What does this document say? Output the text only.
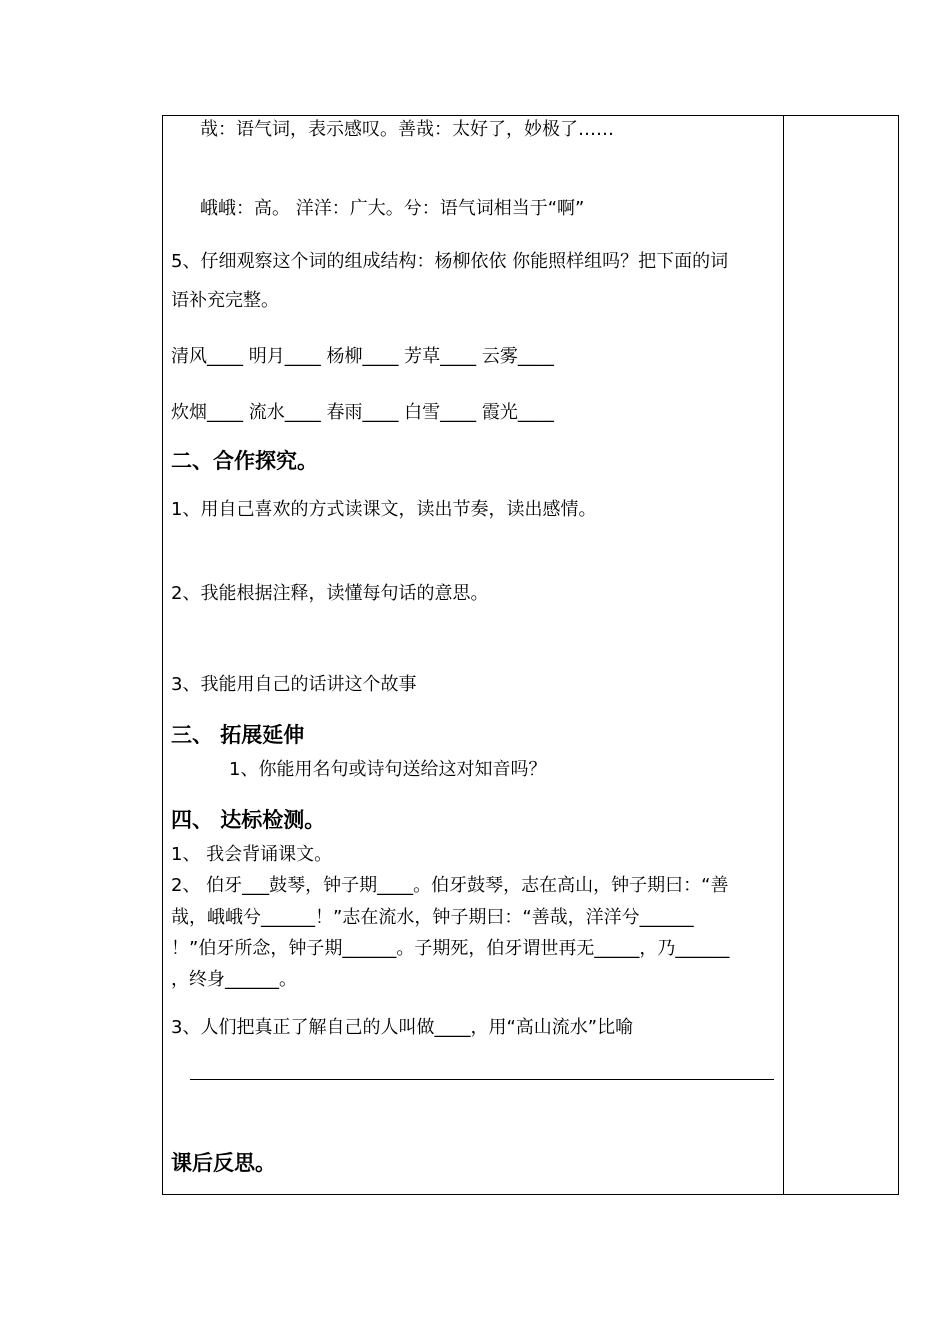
哉：语气词，表示感叹。善哉：太好了，妙极了……
峨峨：高。 洋洋：广大。兮：语气词相当于“啊”
5、仔细观察这个词的组成结构：杨柳依依 你能照样组吗？把下面的词
语补充完整。
清风____ 明月____ 杨柳____ 芳草____ 云雾____
炊烟____ 流水____ 春雨____ 白雪____ 霞光____
二、合作探究。
1、用自己喜欢的方式读课文，读出节奏，读出感情。
2、我能根据注释，读懂每句话的意思。
3、我能用自己的话讲这个故事
三、 拓展延伸
1、你能用名句或诗句送给这对知音吗？
四、 达标检测。
1、 我会背诵课文。
2、 伯牙___鼓琴，钟子期____。伯牙鼓琴，志在高山，钟子期曰：“善
哉，峨峨兮______！”志在流水，钟子期曰：“善哉，洋洋兮______
！”伯牙所念，钟子期______。子期死，伯牙谓世再无_____，乃______
，终身______。
3、人们把真正了解自己的人叫做____，用“高山流水”比喻
课后反思。
